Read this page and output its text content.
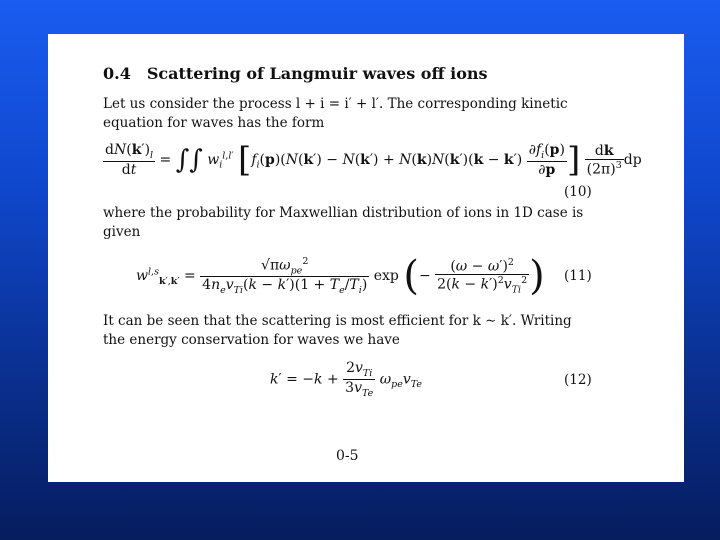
0.4 Scattering of Langmuir waves off ions
Let us consider the process l + i = i′ + l′. The corresponding kinetic
equation for waves has the form
$\frac{dN(k')_l}{dt}$ = ∫∫ $w_i^{l,l'}$ [$f_i(p)(N(k') - N(k') + N(k)N(k')(k - k') \frac{\partial f_i(p)}{\partial p}$ ] $\frac{dk}{(2\pi)^3}$ dp
(10)
where the probability for Maxwellian distribution of ions in 1D case is
given
$w^{l,s}_{k',k'} = \frac{√\pi\omega_{pe}^2}{4n_ev_{Ti}(k - k')(1 + T_e/T_i)}$ exp (− $\frac{(\omega - \omega')^2}{2(k - k')^2v_{Ti}^2}$ ) (11)
It can be seen that the scattering is most efficient for k ∼ k′. Writing
the energy conservation for waves we have
$k' = -k + \frac{2v_{Ti}}{3v_{Te}} \omega_{pe}v_{Te}$	(12)
0-5
